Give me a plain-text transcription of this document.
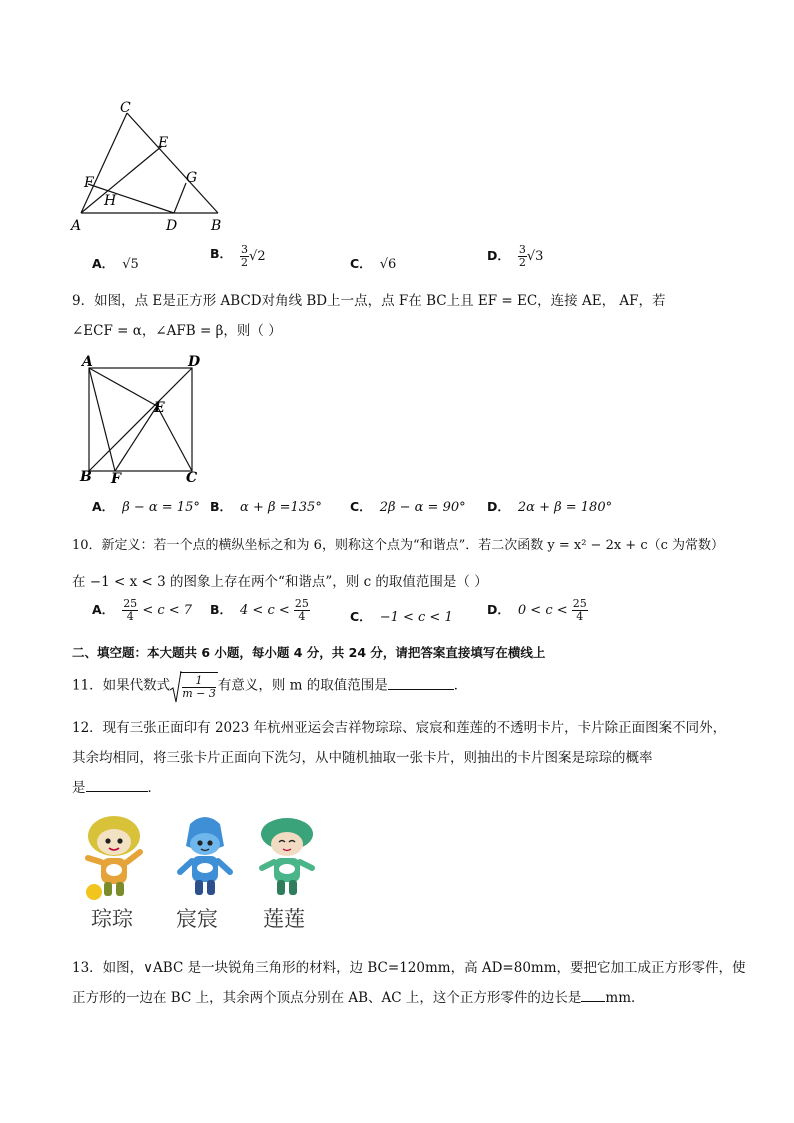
C
E
F	G
H
A	D B
A． √5
B． $\frac{3}{2} √2$	C． √6
D． $\frac{3}{2} √3$
9．如图，点 E是正方形 ABCD对角线 BD上一点，点 F在 BC上且 EF = EC，连接 AE， AF，若
∠ECF = α，∠AFB = β，则（ ）
A	D
E
B F	C
A． β − α = 15° B． α + β =135° C． 2β − α = 90° D． 2α + β = 180°
10．新定义：若一个点的横纵坐标之和为 6，则称这个点为“和谐点”．若二次函数 y = x² − 2x + c（c 为常数）
在 −1 < x < 3 的图象上存在两个“和谐点”，则 c 的取值范围是（ ）
A． $\frac{25}{4} < c < 7$ B． $4 < c < \frac{25}{4}$	C． −1 < c < 1
D． $0 < c < \frac{25}{4}$
二、填空题：本大题共 6 小题，每小题 4 分，共 24 分，请把答案直接填写在横线上
11．如果代数式 $\frac{1}{m - 3}$ 有意义，则 m 的取值范围是	．
12．现有三张正面印有 2023 年杭州亚运会吉祥物琮琮、宸宸和莲莲的不透明卡片，卡片除正面图案不同外，
其余均相同，将三张卡片正面向下洗匀，从中随机抽取一张卡片，则抽出的卡片图案是琮琮的概率
是	．
琮琮 宸宸 莲莲
13．如图，∨ABC 是一块锐角三角形的材料，边 BC=120mm，高 AD=80mm，要把它加工成正方形零件，使
正方形的一边在 BC 上，其余两个顶点分别在 AB、AC 上，这个正方形零件的边长是 mm．
